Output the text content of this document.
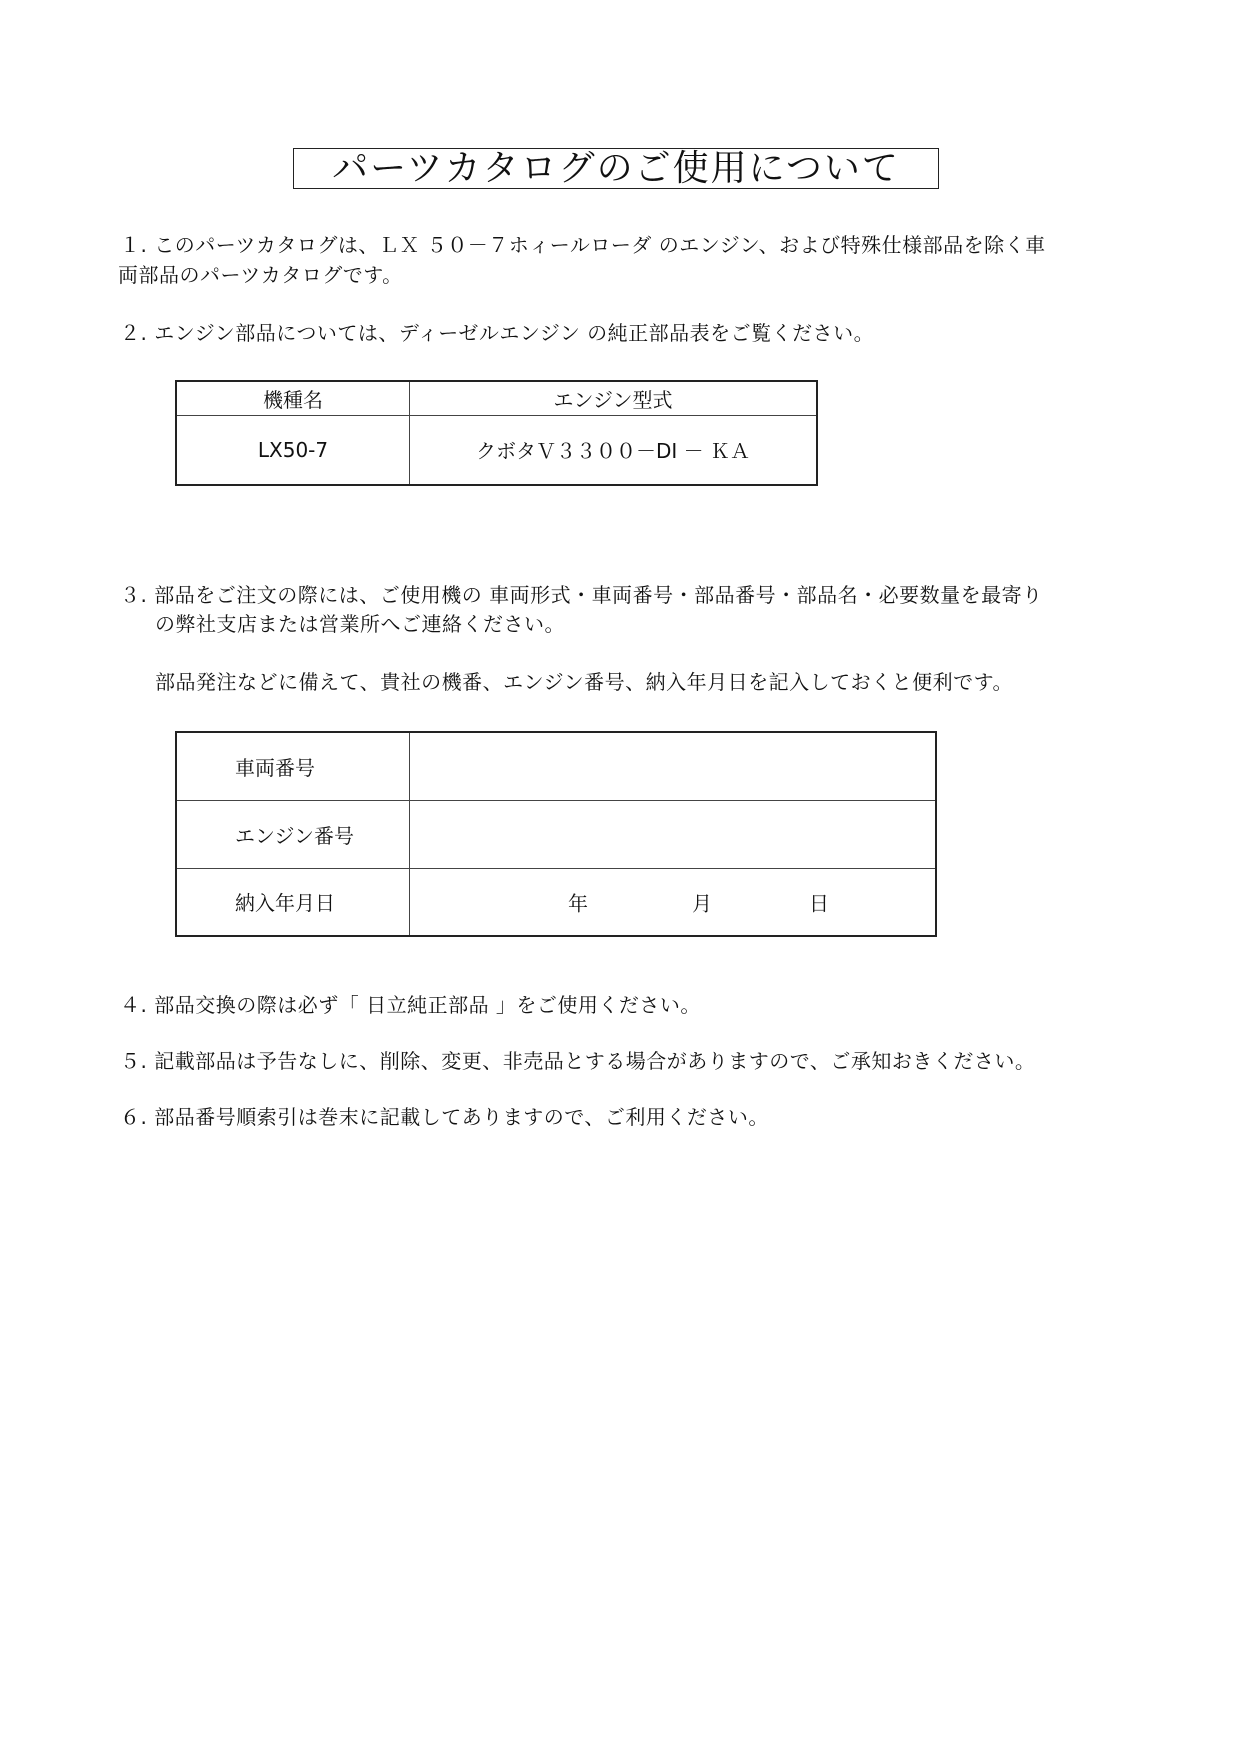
パーツカタログのご使用について
１. このパーツカタログは、ＬＸ ５０－７ホィールローダ のエンジン、および特殊仕様部品を除く車
両部品のパーツカタログです。
２. エンジン部品については、ディーゼルエンジン の純正部品表をご覧ください。
機種名	エンジン型式
LX50-7	クボタＶ３３００－DI － ＫＡ
３. 部品をご注文の際には、ご使用機の 車両形式・車両番号・部品番号・部品名・必要数量を最寄り
の弊社支店または営業所へご連絡ください。
部品発注などに備えて、貴社の機番、エンジン番号、納入年月日を記入しておくと便利です。
車両番号	
エンジン番号	
納入年月日	年 月 日
４. 部品交換の際は必ず「 日立純正部品 」をご使用ください。
５. 記載部品は予告なしに、削除、変更、非売品とする場合がありますので、ご承知おきください。
６. 部品番号順索引は巻末に記載してありますので、ご利用ください。
